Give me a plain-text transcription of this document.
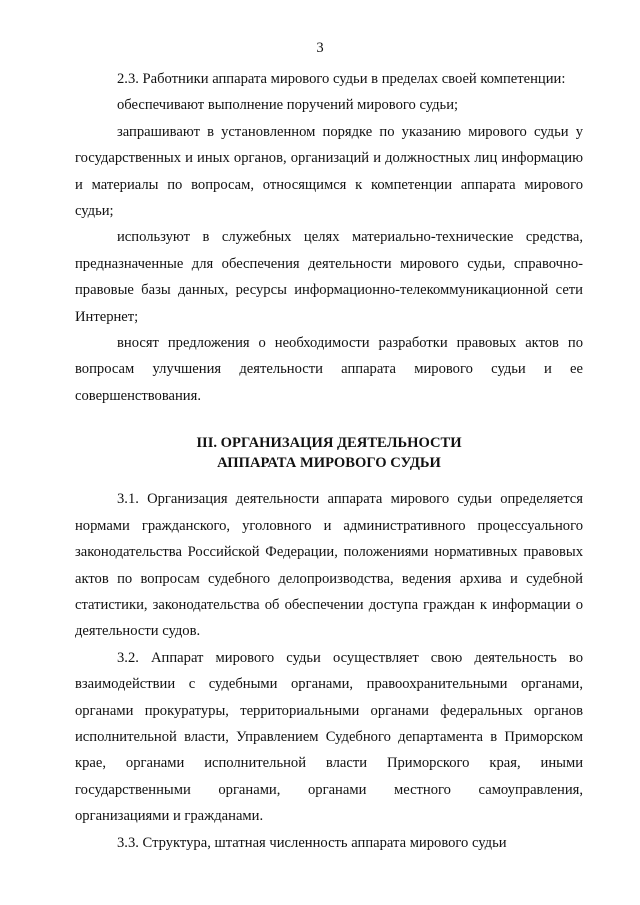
3

2.3. Работники аппарата мирового судьи в пределах своей компетенции:

обеспечивают выполнение поручений мирового судьи;

запрашивают в установленном порядке по указанию мирового судьи у государственных и иных органов, организаций и должностных лиц информацию и материалы по вопросам, относящимся к компетенции аппарата мирового судьи;

используют в служебных целях материально-технические средства, предназначенные для обеспечения деятельности мирового судьи, справочно-правовые базы данных, ресурсы информационно-телекоммуникационной сети Интернет;

вносят предложения о необходимости разработки правовых актов по вопросам улучшения деятельности аппарата мирового судьи и ее совершенствования.

III. ОРГАНИЗАЦИЯ ДЕЯТЕЛЬНОСТИ
АППАРАТА МИРОВОГО СУДЬИ

3.1. Организация деятельности аппарата мирового судьи определяется нормами гражданского, уголовного и административного процессуального законодательства Российской Федерации, положениями нормативных правовых актов по вопросам судебного делопроизводства, ведения архива и судебной статистики, законодательства об обеспечении доступа граждан к информации о деятельности судов.

3.2. Аппарат мирового судьи осуществляет свою деятельность во взаимодействии с судебными органами, правоохранительными органами, органами прокуратуры, территориальными органами федеральных органов исполнительной власти, Управлением Судебного департамента в Приморском крае, органами исполнительной власти Приморского края, иными государственными органами, органами местного самоуправления, организациями и гражданами.

3.3. Структура, штатная численность аппарата мирового судьи
